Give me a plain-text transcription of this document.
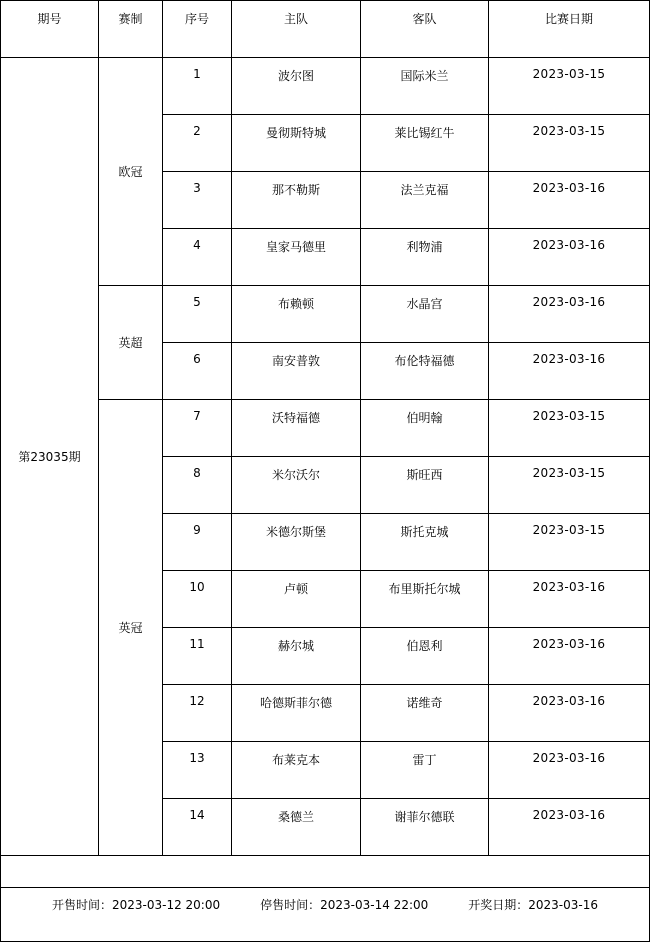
期号	赛制	序号	主队	客队	比赛日期
第23035期	欧冠	1	波尔图	国际米兰	2023-03-15
		2	曼彻斯特城	莱比锡红牛	2023-03-15
		3	那不勒斯	法兰克福	2023-03-16
		4	皇家马德里	利物浦	2023-03-16
	英超	5	布赖顿	水晶宫	2023-03-16
		6	南安普敦	布伦特福德	2023-03-16
	英冠	7	沃特福德	伯明翰	2023-03-15
		8	米尔沃尔	斯旺西	2023-03-15
		9	米德尔斯堡	斯托克城	2023-03-15
		10	卢顿	布里斯托尔城	2023-03-16
		11	赫尔城	伯恩利	2023-03-16
		12	哈德斯菲尔德	诺维奇	2023-03-16
		13	布莱克本	雷丁	2023-03-16
		14	桑德兰	谢菲尔德联	2023-03-16

开售时间：2023-03-12 20:00 停售时间：2023-03-14 22:00 开奖日期：2023-03-16					
